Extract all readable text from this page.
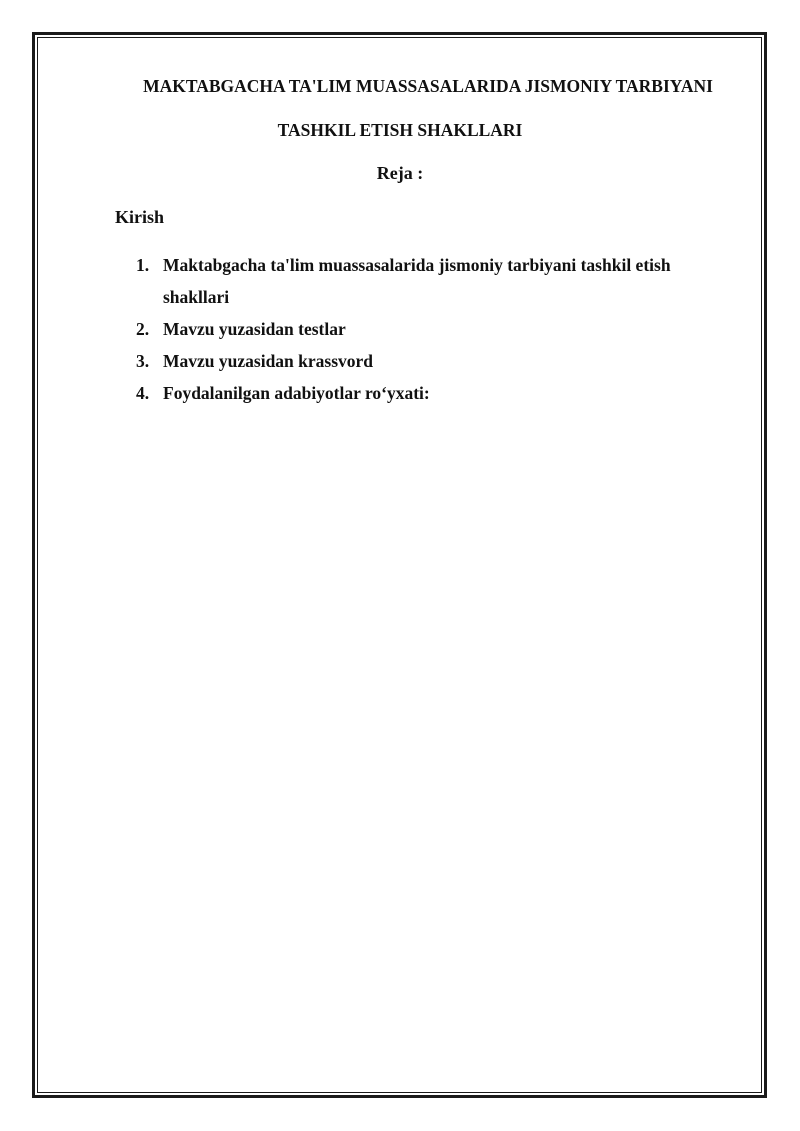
MAKTABGACHA TA'LIM MUASSASALARIDA JISMONIY TARBIYANI
TASHKIL ETISH SHAKLLARI
Reja :
Kirish
1. Maktabgacha ta'lim muassasalarida jismoniy tarbiyani tashkil etish shakllari
2. Mavzu yuzasidan testlar
3. Mavzu yuzasidan krassvord
4. Foydalanilgan adabiyotlar ro‘yxati:
